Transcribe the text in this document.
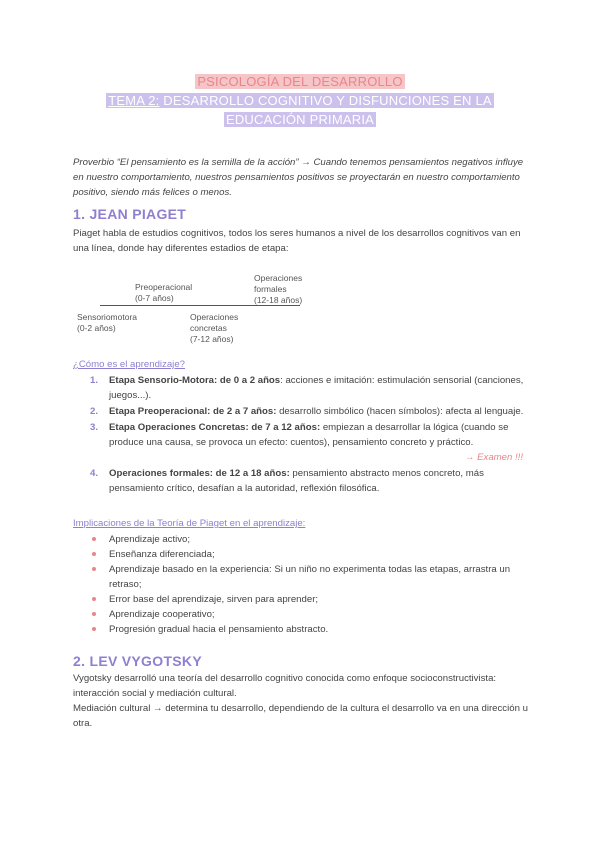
PSICOLOGÍA DEL DESARROLLO
TEMA 2: DESARROLLO COGNITIVO Y DISFUNCIONES EN LA
EDUCACIÓN PRIMARIA

Proverbio “El pensamiento es la semilla de la acción” → Cuando tenemos pensamientos negativos influye en nuestro comportamiento, nuestros pensamientos positivos se proyectarán en nuestro comportamiento positivo, siendo más felices o menos.

1. JEAN PIAGET

Piaget habla de estudios cognitivos, todos los seres humanos a nivel de los desarrollos cognitivos van en una línea, donde hay diferentes estadios de etapa:

Preoperacional
(0-7 años)
Operaciones
formales
(12-18 años)
Sensoriomotora
(0-2 años)
Operaciones
concretas
(7-12 años)
¿Cómo es el aprendizaje?
1. Etapa Sensorio-Motora: de 0 a 2 años: acciones e imitación: estimulación sensorial (canciones, juegos...).
2. Etapa Preoperacional: de 2 a 7 años: desarrollo simbólico (hacen símbolos): afecta al lenguaje.
3. Etapa Operaciones Concretas: de 7 a 12 años: empiezan a desarrollar la lógica (cuando se produce una causa, se provoca un efecto: cuentos), pensamiento concreto y práctico.
→ Examen !!!
4. Operaciones formales: de 12 a 18 años: pensamiento abstracto menos concreto, más pensamiento crítico, desafían a la autoridad, reflexión filosófica.
Implicaciones de la Teoría de Piaget en el aprendizaje:
Aprendizaje activo;
Enseñanza diferenciada;
Aprendizaje basado en la experiencia: Si un niño no experimenta todas las etapas, arrastra un retraso;
Error base del aprendizaje, sirven para aprender;
Aprendizaje cooperativo;
Progresión gradual hacia el pensamiento abstracto.
2. LEV VYGOTSKY

Vygotsky desarrolló una teoría del desarrollo cognitivo conocida como enfoque socioconstructivista: interacción social y mediación cultural.

Mediación cultural → determina tu desarrollo, dependiendo de la cultura el desarrollo va en una dirección u otra.
